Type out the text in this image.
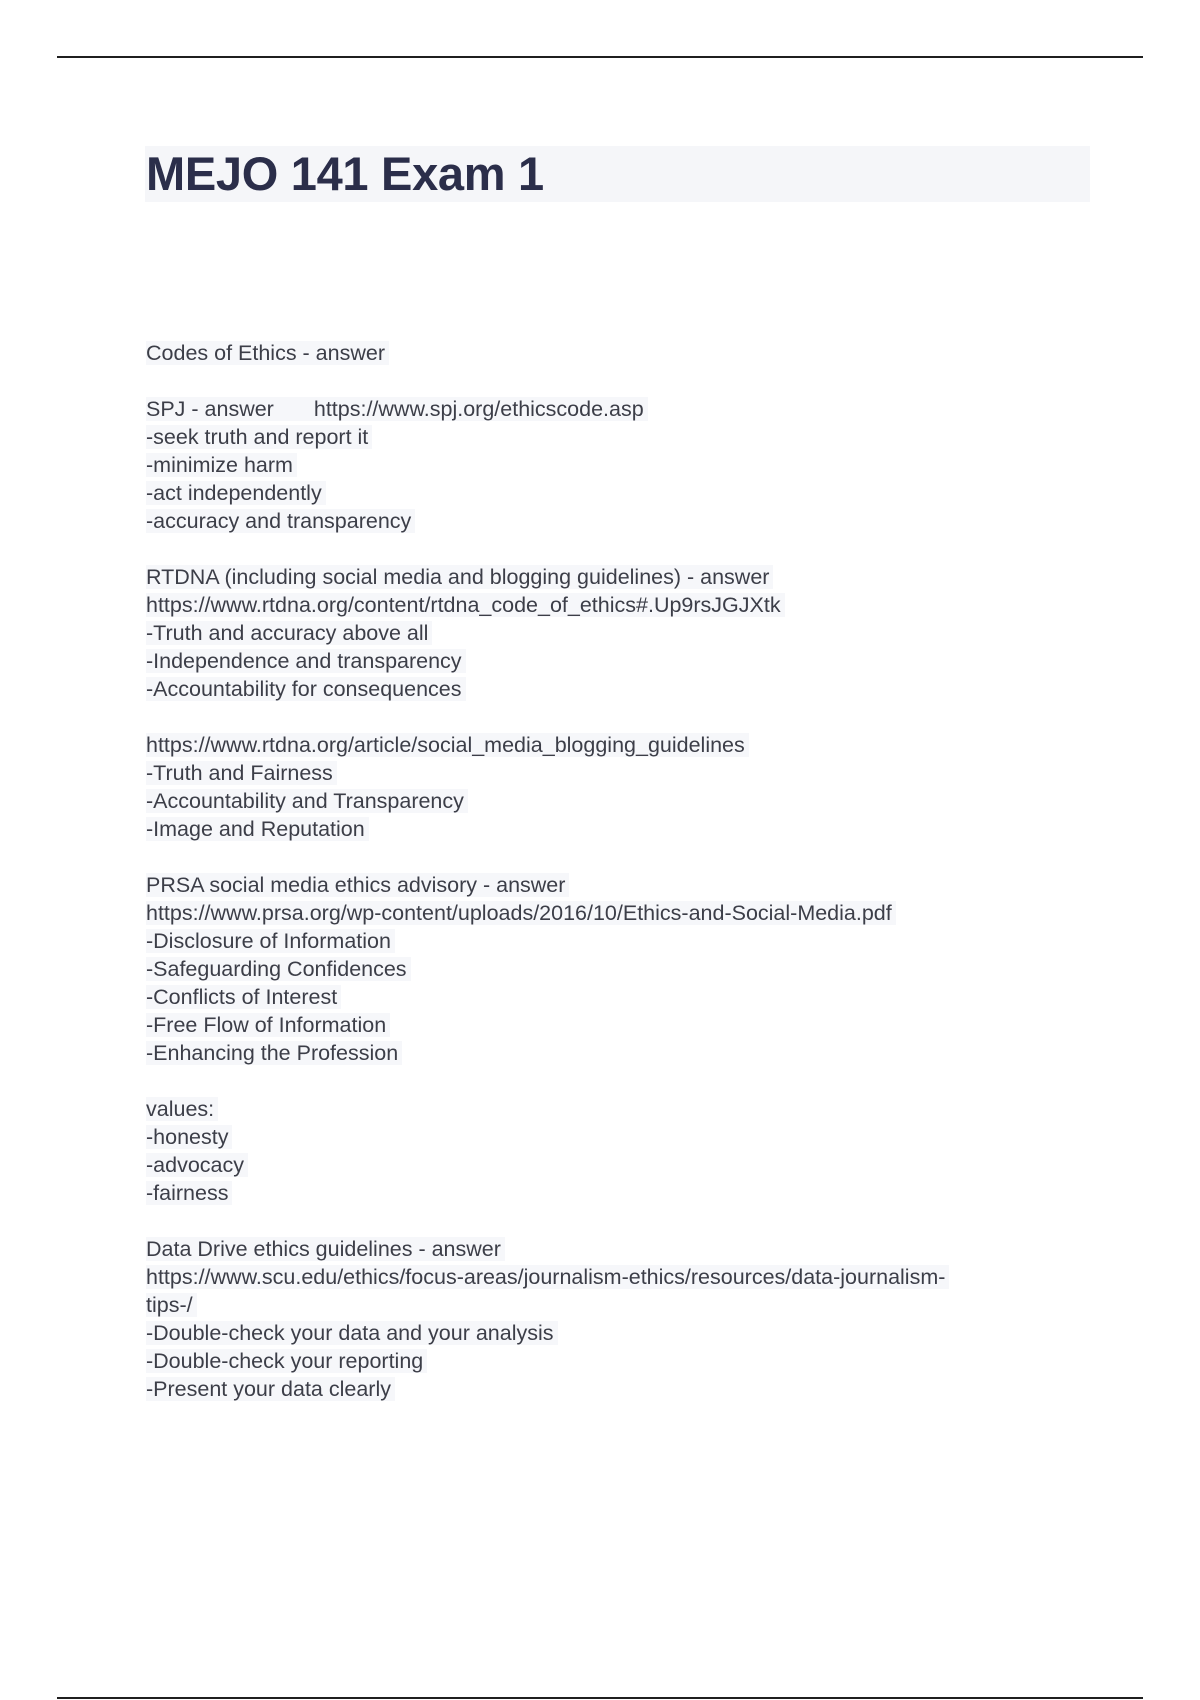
MEJO 141 Exam 1
Codes of Ethics - answer
SPJ - answer https://www.spj.org/ethicscode.asp
-seek truth and report it
-minimize harm
-act independently
-accuracy and transparency
RTDNA (including social media and blogging guidelines) - answer
https://www.rtdna.org/content/rtdna_code_of_ethics#.Up9rsJGJXtk
-Truth and accuracy above all
-Independence and transparency
-Accountability for consequences
https://www.rtdna.org/article/social_media_blogging_guidelines
-Truth and Fairness
-Accountability and Transparency
-Image and Reputation
PRSA social media ethics advisory - answer
https://www.prsa.org/wp-content/uploads/2016/10/Ethics-and-Social-Media.pdf
-Disclosure of Information
-Safeguarding Confidences
-Conflicts of Interest
-Free Flow of Information
-Enhancing the Profession
values:
-honesty
-advocacy
-fairness
Data Drive ethics guidelines - answer
https://www.scu.edu/ethics/focus-areas/journalism-ethics/resources/data-journalism-
tips-/
-Double-check your data and your analysis
-Double-check your reporting
-Present your data clearly
